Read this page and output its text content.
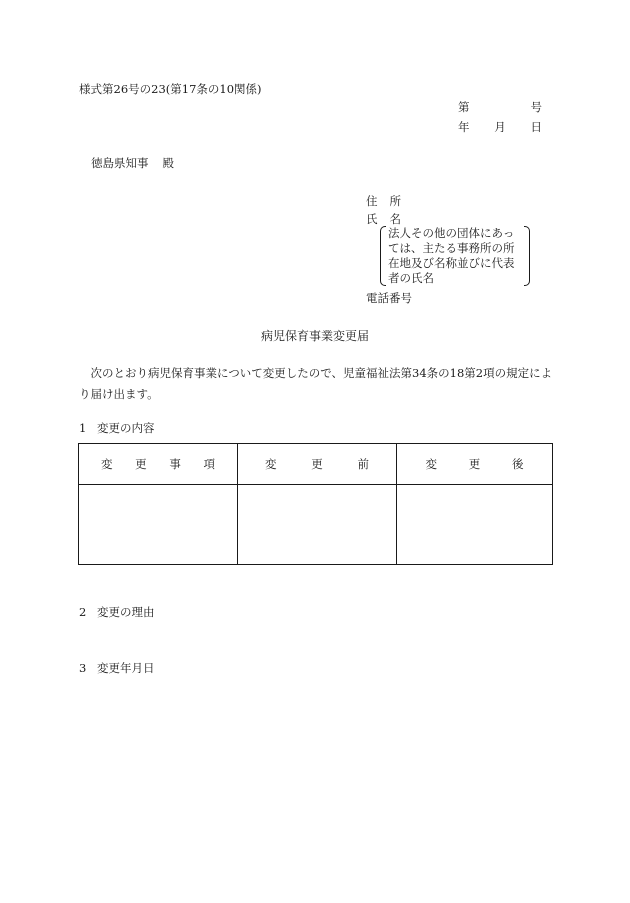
様式第26号の23(第17条の10関係)
第	号
年 月 日
徳島県知事 殿
住 所
氏 名
法人その他の団体にあっ
ては、主たる事務所の所
在地及び名称並びに代表
者の氏名
電話番号
病児保育事業変更届
次のとおり病児保育事業について変更したので、児童福祉法第34条の18第2項の規定により届け出ます。
1 変更の内容
変 更 事 項	変 更 前	変 更 後

2 変更の理由
3 変更年月日
